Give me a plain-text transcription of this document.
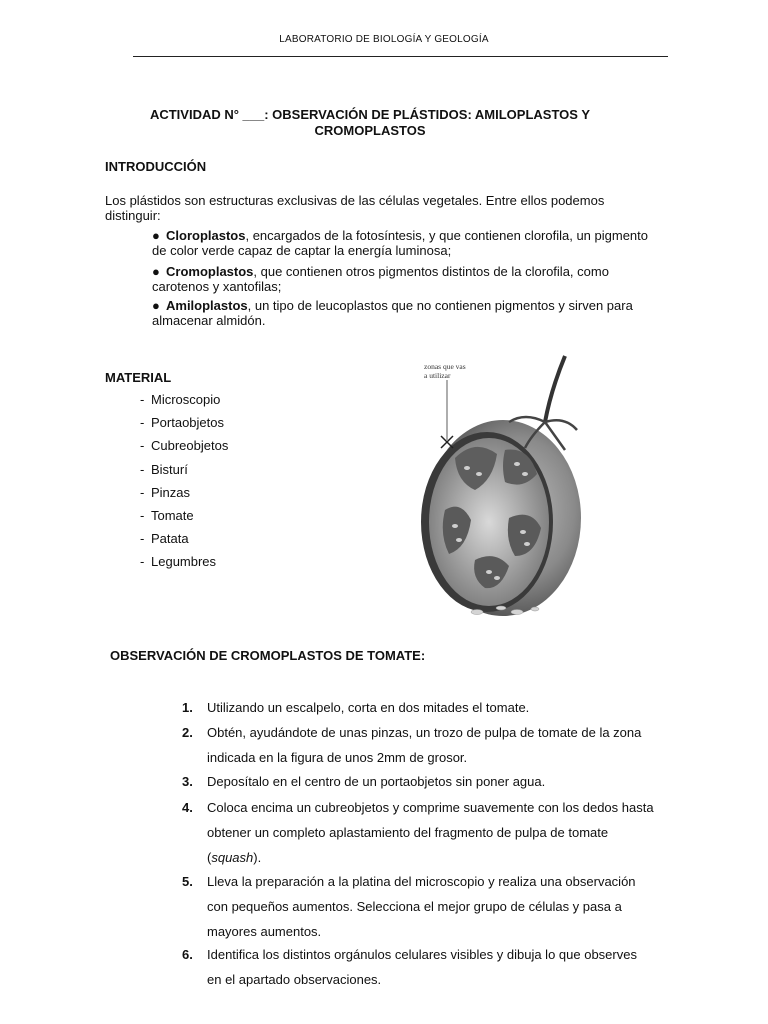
LABORATORIO DE BIOLOGÍA Y GEOLOGÍA
ACTIVIDAD N° ___: OBSERVACIÓN DE PLÁSTIDOS: AMILOPLASTOS Y
CROMOPLASTOS
INTRODUCCIÓN
Los plástidos son estructuras exclusivas de las células vegetales. Entre ellos podemos
distinguir:
● Cloroplastos, encargados de la fotosíntesis, y que contienen clorofila, un pigmento
de color verde capaz de captar la energía luminosa;
● Cromoplastos, que contienen otros pigmentos distintos de la clorofila, como
carotenos y xantofilas;
● Amiloplastos, un tipo de leucoplastos que no contienen pigmentos y sirven para
almacenar almidón.
MATERIAL
- Microscopio
- Portaobjetos
- Cubreobjetos
- Bisturí
- Pinzas
- Tomate
- Patata
- Legumbres
zonas que vas
a utilizar
OBSERVACIÓN DE CROMOPLASTOS DE TOMATE:
1.	Utilizando un escalpelo, corta en dos mitades el tomate.
2.	Obtén, ayudándote de unas pinzas, un trozo de pulpa de tomate de la zona
indicada en la figura de unos 2mm de grosor.
3.	Deposítalo en el centro de un portaobjetos sin poner agua.
4.	Coloca encima un cubreobjetos y comprime suavemente con los dedos hasta
obtener un completo aplastamiento del fragmento de pulpa de tomate
(squash).
5.	Lleva la preparación a la platina del microscopio y realiza una observación
con pequeños aumentos. Selecciona el mejor grupo de células y pasa a
mayores aumentos.
6.	Identifica los distintos orgánulos celulares visibles y dibuja lo que observes
en el apartado observaciones.
